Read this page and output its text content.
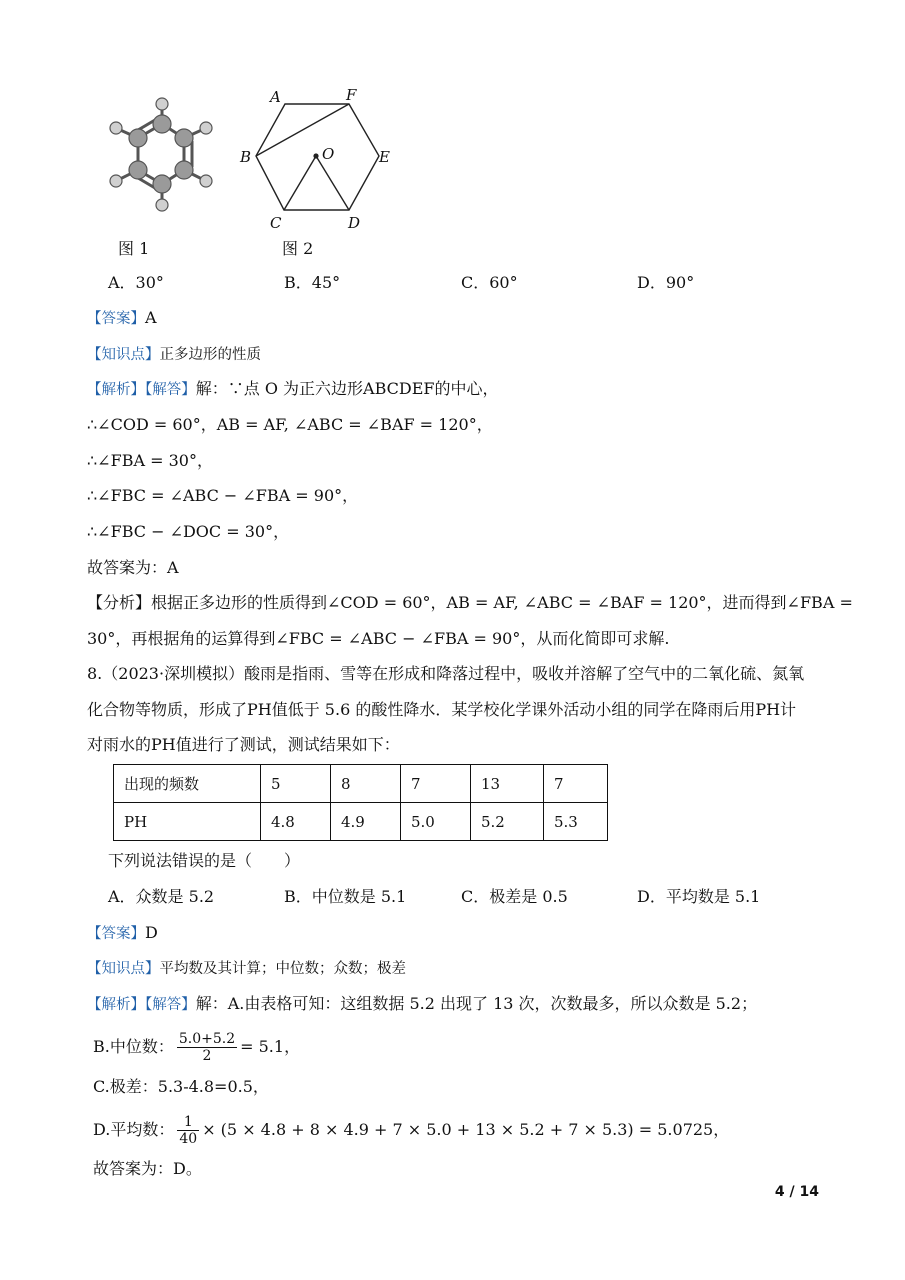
A	F
B	O	E
C	D
图 1	图 2
A．30°	B．45°	C．60°	D．90°
【答案】A
【知识点】正多边形的性质
【解析】【解答】解：∵点 O 为正六边形ABCDEF的中心，
∴∠COD = 60°，AB = AF, ∠ABC = ∠BAF = 120°，
∴∠FBA = 30°，
∴∠FBC = ∠ABC − ∠FBA = 90°，
∴∠FBC − ∠DOC = 30°，
故答案为：A
【分析】根据正多边形的性质得到∠COD = 60°，AB = AF, ∠ABC = ∠BAF = 120°，进而得到∠FBA =
30°，再根据角的运算得到∠FBC = ∠ABC − ∠FBA = 90°，从而化简即可求解.
8.（2023·深圳模拟）酸雨是指雨、雪等在形成和降落过程中，吸收并溶解了空气中的二氧化硫、氮氧
化合物等物质，形成了PH值低于 5.6 的酸性降水．某学校化学课外活动小组的同学在降雨后用PH计
对雨水的PH值进行了测试，测试结果如下：
出现的频数	5	8	7	13	7
PH	4.8	4.9	5.0	5.2	5.3
下列说法错误的是（　　）
A．众数是 5.2	B．中位数是 5.1	C．极差是 0.5	D．平均数是 5.1
【答案】D
【知识点】平均数及其计算；中位数；众数；极差
【解析】【解答】解：A.由表格可知：这组数据 5.2 出现了 13 次，次数最多，所以众数是 5.2；
B.中位数： $\frac{5.0+5.2}{2} = 5.1$，
C.极差：5.3-4.8=0.5，
D.平均数： $\frac{1}{40} \times (5 \times 4.8 + 8 \times 4.9 + 7 \times 5.0 + 13 \times 5.2 + 7 \times 5.3) = 5.0725$，
故答案为：D。
4 / 14
